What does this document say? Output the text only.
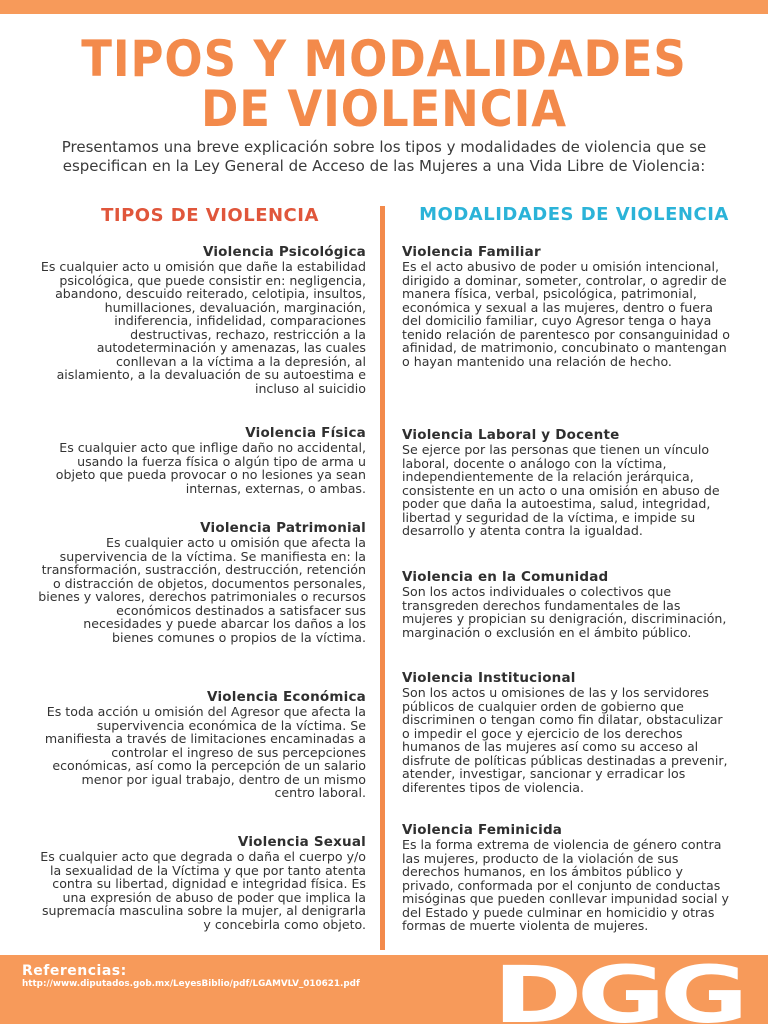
TIPOS Y MODALIDADES DE VIOLENCIA

Presentamos una breve explicación sobre los tipos y modalidades de violencia que se especifican en la Ley General de Acceso de las Mujeres a una Vida Libre de Violencia:

TIPOS DE VIOLENCIA	MODALIDADES DE VIOLENCIA
Violencia Psicológica

Es cualquier acto u omisión que dañe la estabilidad psicológica, que puede consistir en: negligencia, abandono, descuido reiterado, celotipia, insultos, humillaciones, devaluación, marginación, indiferencia, infidelidad, comparaciones destructivas, rechazo, restricción a la autodeterminación y amenazas, las cuales conllevan a la víctima a la depresión, al aislamiento, a la devaluación de su autoestima e incluso al suicidio

Violencia Física

Es cualquier acto que inflige daño no accidental, usando la fuerza física o algún tipo de arma u objeto que pueda provocar o no lesiones ya sean internas, externas, o ambas.

Violencia Patrimonial

Es cualquier acto u omisión que afecta la supervivencia de la víctima. Se manifiesta en: la transformación, sustracción, destrucción, retención o distracción de objetos, documentos personales, bienes y valores, derechos patrimoniales o recursos económicos destinados a satisfacer sus necesidades y puede abarcar los daños a los bienes comunes o propios de la víctima.

Violencia Económica

Es toda acción u omisión del Agresor que afecta la supervivencia económica de la víctima. Se manifiesta a través de limitaciones encaminadas a controlar el ingreso de sus percepciones económicas, así como la percepción de un salario menor por igual trabajo, dentro de un mismo centro laboral.

Violencia Sexual

Es cualquier acto que degrada o daña el cuerpo y/o la sexualidad de la Víctima y que por tanto atenta contra su libertad, dignidad e integridad física. Es una expresión de abuso de poder que implica la supremacía masculina sobre la mujer, al denigrarla y concebirla como objeto.

Violencia Familiar

Es el acto abusivo de poder u omisión intencional, dirigido a dominar, someter, controlar, o agredir de manera física, verbal, psicológica, patrimonial, económica y sexual a las mujeres, dentro o fuera del domicilio familiar, cuyo Agresor tenga o haya tenido relación de parentesco por consanguinidad o afinidad, de matrimonio, concubinato o mantengan o hayan mantenido una relación de hecho.

Violencia Laboral y Docente

Se ejerce por las personas que tienen un vínculo laboral, docente o análogo con la víctima, independientemente de la relación jerárquica, consistente en un acto o una omisión en abuso de poder que daña la autoestima, salud, integridad, libertad y seguridad de la víctima, e impide su desarrollo y atenta contra la igualdad.

Violencia en la Comunidad

Son los actos individuales o colectivos que transgreden derechos fundamentales de las mujeres y propician su denigración, discriminación, marginación o exclusión en el ámbito público.

Violencia Institucional

Son los actos u omisiones de las y los servidores públicos de cualquier orden de gobierno que discriminen o tengan como fin dilatar, obstaculizar o impedir el goce y ejercicio de los derechos humanos de las mujeres así como su acceso al disfrute de políticas públicas destinadas a prevenir, atender, investigar, sancionar y erradicar los diferentes tipos de violencia.

Violencia Feminicida

Es la forma extrema de violencia de género contra las mujeres, producto de la violación de sus derechos humanos, en los ámbitos público y privado, conformada por el conjunto de conductas misóginas que pueden conllevar impunidad social y del Estado y puede culminar en homicidio y otras formas de muerte violenta de mujeres.

Referencias:

http://www.diputados.gob.mx/LeyesBiblio/pdf/LGAMVLV_010621.pdf DGG
